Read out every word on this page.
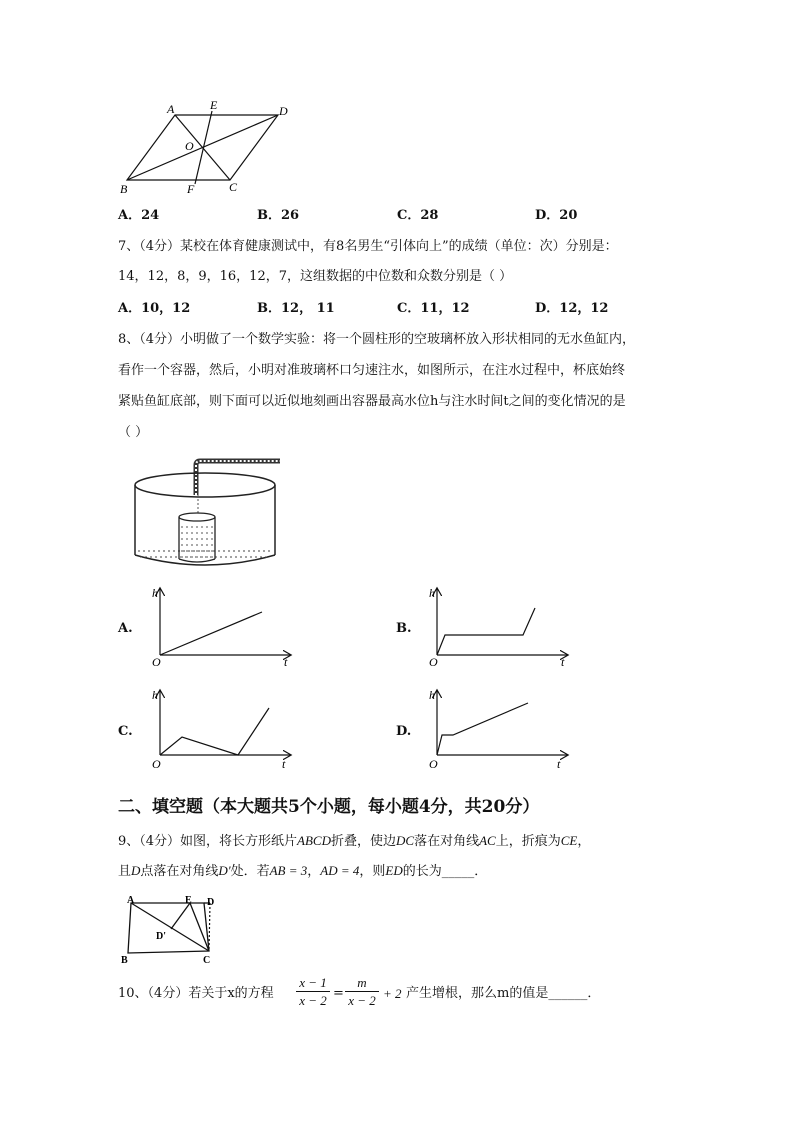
A	E	D
O
B	F	C
A．24	B．26	C．28	D．20
7、（4分）某校在体育健康测试中，有8名男生“引体向上”的成绩（单位：次）分别是：
14，12，8，9，16，12，7，这组数据的中位数和众数分别是（ ）
A．10，12	B．12， 11	C．11，12	D．12，12
8、（4分）小明做了一个数学实验：将一个圆柱形的空玻璃杯放入形状相同的无水鱼缸内，
看作一个容器，然后，小明对准玻璃杯口匀速注水，如图所示，在注水过程中，杯底始终
紧贴鱼缸底部，则下面可以近似地刻画出容器最高水位h与注水时间t之间的变化情况的是
（ ）
A.
h
O	t
B.
h
O	t
C.
h
O	t
D.
h
O	t
二、填空题（本大题共5个小题，每小题4分，共20分）
9、（4分）如图，将长方形纸片ABCD折叠，使边DC落在对角线AC上，折痕为CE，
且D点落在对角线D'处．若AB = 3，AD = 4，则ED的长为_____．
A	E D
D'
B	C
10、（4分）若关于x的方程
x − 1
x − 2 =
m
x − 2 + 2 产生增根，那么m的值是______．
